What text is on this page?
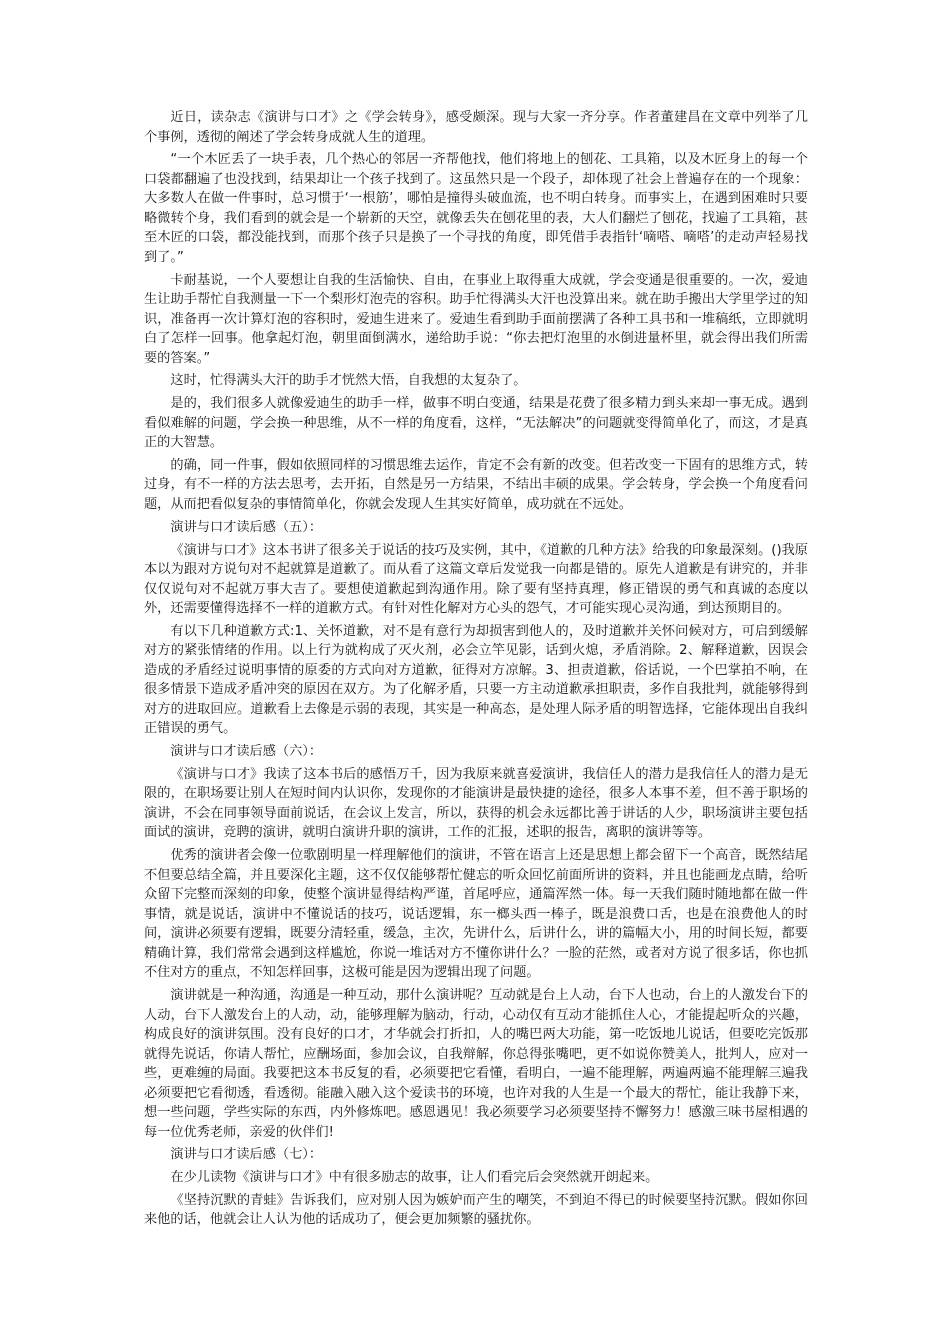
近日，读杂志《演讲与口才》之《学会转身》，感受颇深。现与大家一齐分享。作者董建昌在文章中列举了几个事例，透彻的阐述了学会转身成就人生的道理。

“一个木匠丢了一块手表，几个热心的邻居一齐帮他找，他们将地上的刨花、工具箱，以及木匠身上的每一个口袋都翻遍了也没找到，结果却让一个孩子找到了。这虽然只是一个段子，却体现了社会上普遍存在的一个现象：大多数人在做一件事时，总习惯于‘一根筋’，哪怕是撞得头破血流，也不明白转身。而事实上，在遇到困难时只要略微转个身，我们看到的就会是一个崭新的天空，就像丢失在刨花里的表，大人们翻烂了刨花，找遍了工具箱，甚至木匠的口袋，都没能找到，而那个孩子只是换了一个寻找的角度，即凭借手表指针‘嘀嗒、嘀嗒’的走动声轻易找到了。”

卡耐基说，一个人要想让自我的生活愉快、自由，在事业上取得重大成就，学会变通是很重要的。一次，爱迪生让助手帮忙自我测量一下一个梨形灯泡壳的容积。助手忙得满头大汗也没算出来。就在助手搬出大学里学过的知识，准备再一次计算灯泡的容积时，爱迪生进来了。爱迪生看到助手面前摆满了各种工具书和一堆稿纸，立即就明白了怎样一回事。他拿起灯泡，朝里面倒满水，递给助手说：“你去把灯泡里的水倒进量杯里，就会得出我们所需要的答案。”

这时，忙得满头大汗的助手才恍然大悟，自我想的太复杂了。

是的，我们很多人就像爱迪生的助手一样，做事不明白变通，结果是花费了很多精力到头来却一事无成。遇到看似难解的问题，学会换一种思维，从不一样的角度看，这样，“无法解决”的问题就变得简单化了，而这，才是真正的大智慧。

的确，同一件事，假如依照同样的习惯思维去运作，肯定不会有新的改变。但若改变一下固有的思维方式，转过身，有不一样的方法去思考，去开拓，自然是另一方结果，不结出丰硕的成果。学会转身，学会换一个角度看问题，从而把看似复杂的事情简单化，你就会发现人生其实好简单，成功就在不远处。

演讲与口才读后感（五）：

《演讲与口才》这本书讲了很多关于说话的技巧及实例，其中，《道歉的几种方法》给我的印象最深刻。()我原本以为跟对方说句对不起就算是道歉了。而从看了这篇文章后发觉我一向都是错的。原先人道歉是有讲究的，并非仅仅说句对不起就万事大吉了。要想使道歉起到沟通作用。除了要有坚持真理，修正错误的勇气和真诚的态度以外，还需要懂得选择不一样的道歉方式。有针对性化解对方心头的怨气，才可能实现心灵沟通，到达预期目的。

有以下几种道歉方式:1、关怀道歉，对不是有意行为却损害到他人的，及时道歉并关怀问候对方，可启到缓解对方的紧张情绪的作用。以上行为就构成了灭火剂，必会立竿见影，话到火熄，矛盾消除。2、解释道歉，因误会造成的矛盾经过说明事情的原委的方式向对方道歉，征得对方凉解。3、担责道歉，俗话说，一个巴掌拍不响，在很多情景下造成矛盾冲突的原因在双方。为了化解矛盾，只要一方主动道歉承担职责，多作自我批判，就能够得到对方的进取回应。道歉看上去像是示弱的表现，其实是一种高态，是处理人际矛盾的明智选择，它能体现出自我纠正错误的勇气。

演讲与口才读后感（六）：

《演讲与口才》我读了这本书后的感悟万千，因为我原来就喜爱演讲，我信任人的潜力是我信任人的潜力是无限的，在职场要让别人在短时间内认识你，发现你的才能演讲是最快捷的途径，很多人本事不差，但不善于职场的演讲，不会在同事领导面前说话，在会议上发言，所以，获得的机会永远都比善于讲话的人少，职场演讲主要包括面试的演讲，竞聘的演讲，就明白演讲升职的演讲，工作的汇报，述职的报告，离职的演讲等等。

优秀的演讲者会像一位歌剧明星一样理解他们的演讲，不管在语言上还是思想上都会留下一个高音，既然结尾不但要总结全篇，并且要深化主题，这不仅仅能够帮忙健忘的听众回忆前面所讲的资料，并且也能画龙点睛，给听众留下完整而深刻的印象，使整个演讲显得结构严谨，首尾呼应，通篇浑然一体。每一天我们随时随地都在做一件事情，就是说话，演讲中不懂说话的技巧，说话逻辑，东一榔头西一棒子，既是浪费口舌，也是在浪费他人的时间，演讲必须要有逻辑，既要分清轻重，缓急，主次，先讲什么，后讲什么，讲的篇幅大小，用的时间长短，都要精确计算，我们常常会遇到这样尴尬，你说一堆话对方不懂你讲什么？一脸的茫然，或者对方说了很多话，你也抓不住对方的重点，不知怎样回事，这极可能是因为逻辑出现了问题。

演讲就是一种沟通，沟通是一种互动，那什么演讲呢？互动就是台上人动，台下人也动，台上的人激发台下的人动，台下人激发台上的人动，动，能够理解为脑动，行动，心动仅有互动才能抓住人心，才能提起听众的兴趣，构成良好的演讲氛围。没有良好的口才，才华就会打折扣，人的嘴巴两大功能，第一吃饭地儿说话，但要吃完饭那就得先说话，你请人帮忙，应酬场面，参加会议，自我辩解，你总得张嘴吧，更不如说你赞美人，批判人，应对一些，更难缠的局面。我要把这本书反复的看，必须要把它看懂，看明白，一遍不能理解，两遍两遍不能理解三遍我必须要把它看彻透，看透彻。能融入融入这个爱读书的环境，也许对我的人生是一个最大的帮忙，能让我静下来，想一些问题，学些实际的东西，内外修炼吧。感恩遇见！我必须要学习必须要坚持不懈努力！感激三味书屋相遇的每一位优秀老师，亲爱的伙伴们!

演讲与口才读后感（七）：

在少儿读物《演讲与口才》中有很多励志的故事，让人们看完后会突然就开朗起来。

《坚持沉默的青蛙》告诉我们，应对别人因为嫉妒而产生的嘲笑，不到迫不得已的时候要坚持沉默。假如你回来他的话，他就会让人认为他的话成功了，便会更加频繁的骚扰你。
